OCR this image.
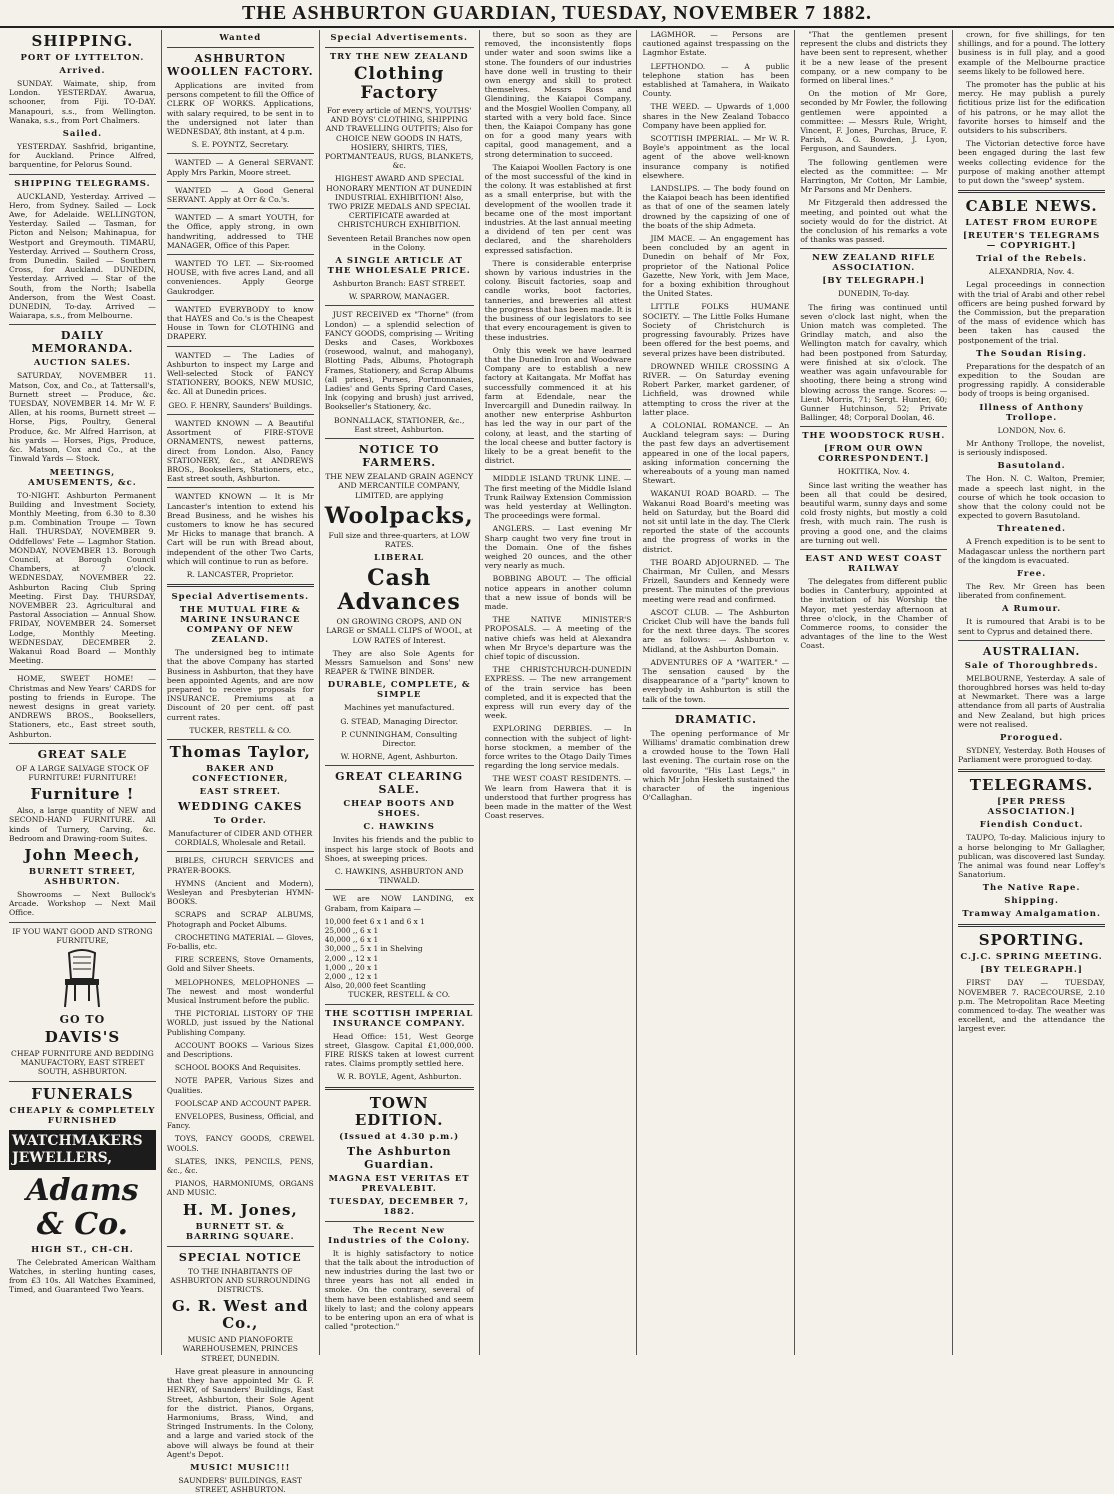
THE ASHBURTON GUARDIAN, TUESDAY, NOVEMBER 7 1882.
SHIPPING.
PORT OF LYTTELTON.
Arrived.

SUNDAY. Waimate, ship, from London. YESTERDAY. Awarua, schooner, from Fiji. TO-DAY. Manapouri, s.s., from Wellington. Wanaka, s.s., from Port Chalmers.

Sailed.

YESTERDAY. Sashfrid, brigantine, for Auckland. Prince Alfred, barquentine, for Pelorus Sound.

SHIPPING TELEGRAMS.

AUCKLAND, Yesterday. Arrived — Hero, from Sydney. Sailed — Lock Awe, for Adelaide. WELLINGTON, Yesterday. Sailed — Tasman, for Picton and Nelson; Mahinapua, for Westport and Greymouth. TIMARU, Yesterday. Arrived — Southern Cross, from Dunedin. Sailed — Southern Cross, for Auckland. DUNEDIN, Yesterday. Arrived — Star of the South, from the North; Isabella Anderson, from the West Coast. DUNEDIN, To-day. Arrived — Waiarapa, s.s., from Melbourne.

DAILY MEMORANDA.
AUCTION SALES.

SATURDAY, NOVEMBER 11. Matson, Cox, and Co., at Tattersall's, Burnett street — Produce, &c. TUESDAY, NOVEMBER 14. Mr W. F. Allen, at his rooms, Burnett street — Horse, Pigs, Poultry, General Produce, &c. Mr Alfred Harrison, at his yards — Horses, Pigs, Produce, &c. Matson, Cox and Co., at the Tinwald Yards — Stock.

MEETINGS, AMUSEMENTS, &c.

TO-NIGHT. Ashburton Permanent Building and Investment Society, Monthly Meeting, from 6.30 to 8.30 p.m. Combination Troupe — Town Hall. THURSDAY, NOVEMBER 9. Oddfellows' Fete — Lagmhor Station. MONDAY, NOVEMBER 13. Borough Council, at Borough Council Chambers, at 7 o'clock. WEDNESDAY, NOVEMBER 22. Ashburton Racing Club Spring Meeting. First Day. THURSDAY, NOVEMBER 23. Agricultural and Pastoral Association — Annual Show. FRIDAY, NOVEMBER 24. Somerset Lodge, Monthly Meeting. WEDNESDAY, DECEMBER 2. Wakanui Road Board — Monthly Meeting.

HOME, SWEET HOME! — Christmas and New Years' CARDS for posting to friends in Europe. The newest designs in great variety. ANDREWS BROS., Booksellers, Stationers, etc., East street south, Ashburton.

GREAT SALE

OF A LARGE SALVAGE STOCK OF FURNITURE! FURNITURE!

Furniture !

Also, a large quantity of NEW and SECOND-HAND FURNITURE. All kinds of Turnery, Carving, &c. Bedroom and Drawing-room Suites.

John Meech,
BURNETT STREET, ASHBURTON.

Showrooms — Next Bullock's Arcade. Workshop — Next Mail Office.

IF YOU WANT GOOD AND STRONG FURNITURE,

GO TO
DAVIS'S

CHEAP FURNITURE AND BEDDING MANUFACTORY, EAST STREET SOUTH, ASHBURTON.

FUNERALS
CHEAPLY & COMPLETELY FURNISHED
WATCHMAKERS
JEWELLERS,
Adams & Co.
HIGH ST., CH-CH.

The Celebrated American Waltham Watches, in sterling hunting cases, from £3 10s. All Watches Examined, Timed, and Guaranteed Two Years.

Wanted
ASHBURTON WOOLLEN FACTORY.

Applications are invited from persons competent to fill the Office of CLERK OF WORKS. Applications, with salary required, to be sent in to the undersigned not later than WEDNESDAY, 8th instant, at 4 p.m.

S. E. POYNTZ, Secretary.

WANTED — A General SERVANT. Apply Mrs Parkin, Moore street.

WANTED — A Good General SERVANT. Apply at Orr & Co.'s.

WANTED — A smart YOUTH, for the Office, apply strong, in own handwriting, addressed to THE MANAGER, Office of this Paper.

WANTED TO LET. — Six-roomed HOUSE, with five acres Land, and all conveniences. Apply George Gaukrodger.

WANTED EVERYBODY to know that HAYES and Co.'s is the Cheapest House in Town for CLOTHING and DRAPERY.

WANTED — The Ladies of Ashburton to inspect my Large and Well-selected Stock of FANCY STATIONERY, BOOKS, NEW MUSIC, &c. All at Dunedin prices.

GEO. F. HENRY, Saunders' Buildings.

WANTED KNOWN — A Beautiful Assortment of FIRE-STOVE ORNAMENTS, newest patterns, direct from London. Also, Fancy STATIONERY, &c., at ANDREWS BROS., Booksellers, Stationers, etc., East street south, Ashburton.

WANTED KNOWN — It is Mr Lancaster's intention to extend his Bread Business, and he wishes his customers to know he has secured Mr Hicks to manage that branch. A Cart will be run with Bread about, independent of the other Two Carts, which will continue to run as before.

R. LANCASTER, Proprietor.

Special Advertisements.
THE MUTUAL FIRE & MARINE INSURANCE COMPANY OF NEW ZEALAND.

The undersigned beg to intimate that the above Company has started Business in Ashburton, that they have been appointed Agents, and are now prepared to receive proposals for INSURANCE. Premiums at a Discount of 20 per cent. off past current rates.

TUCKER, RESTELL & CO.

Thomas Taylor,
BAKER AND CONFECTIONER,
EAST STREET.
WEDDING CAKES
To Order.

Manufacturer of CIDER AND OTHER CORDIALS, Wholesale and Retail.

BIBLES, CHURCH SERVICES and PRAYER-BOOKS.

HYMNS (Ancient and Modern), Wesleyan and Presbyterian HYMN-BOOKS.

SCRAPS and SCRAP ALBUMS, Photograph and Pocket Albums.

CROCHETING MATERIAL — Gloves, Fo-ballis, etc.

FIRE SCREENS, Stove Ornaments, Gold and Silver Sheets.

MELOPHONES, MELOPHONES — The newest and most wonderful Musical Instrument before the public.

THE PICTORIAL LISTORY OF THE WORLD, just issued by the National Publishing Company.

ACCOUNT BOOKS — Various Sizes and Descriptions.

SCHOOL BOOKS And Requisites.

NOTE PAPER, Various Sizes and Qualities.

FOOLSCAP AND ACCOUNT PAPER.

ENVELOPES, Business, Official, and Fancy.

TOYS, FANCY GOODS, CREWEL WOOLS.

SLATES, INKS, PENCILS, PENS, &c., &c.

PIANOS, HARMONIUMS, ORGANS AND MUSIC.

H. M. Jones,
BURNETT ST. & BARRING SQUARE.
SPECIAL NOTICE

TO THE INHABITANTS OF ASHBURTON AND SURROUNDING DISTRICTS.

G. R. West and Co.,

MUSIC AND PIANOFORTE WAREHOUSEMEN, PRINCES STREET, DUNEDIN.

Have great pleasure in announcing that they have appointed Mr G. F. HENRY, of Saunders' Buildings, East Street, Ashburton, their Sole Agent for the district. Pianos, Organs, Harmoniums, Brass, Wind, and Stringed Instruments. In the Colony, and a large and varied stock of the above will always be found at their Agent's Depot.

MUSIC! MUSIC!!!

SAUNDERS' BUILDINGS, EAST STREET, ASHBURTON.

Special Advertisements.
TRY THE NEW ZEALAND
Clothing Factory

For every article of MEN'S, YOUTHS' AND BOYS' CLOTHING, SHIPPING AND TRAVELLING OUTFITS; Also for CHOICE NEW GOODS IN HATS, HOSIERY, SHIRTS, TIES, PORTMANTEAUS, RUGS, BLANKETS, &c.

HIGHEST AWARD AND SPECIAL HONORARY MENTION AT DUNEDIN INDUSTRIAL EXHIBITION! Also, TWO PRIZE MEDALS AND SPECIAL CERTIFICATE awarded at CHRISTCHURCH EXHIBITION.

Seventeen Retail Branches now open in the Colony.

A SINGLE ARTICLE AT THE WHOLESALE PRICE.

Ashburton Branch: EAST STREET.

W. SPARROW, MANAGER.

JUST RECEIVED ex "Thorne" (from London) — a splendid selection of FANCY GOODS, comprising — Writing Desks and Cases, Workboxes (rosewood, walnut, and mahogany), Blotting Pads, Albums, Photograph Frames, Stationery, and Scrap Albums (all prices), Purses, Portmonnaies, Ladies' and Gents Spring Card Cases, Ink (copying and brush) just arrived, Bookseller's Stationery, &c.

BONNALLACK, STATIONER, &c., East street, Ashburton.

NOTICE TO FARMERS.

THE NEW ZEALAND GRAIN AGENCY AND MERCANTILE COMPANY, LIMITED, are applying

Woolpacks,

Full size and three-quarters, at LOW RATES.

LIBERAL
Cash Advances

ON GROWING CROPS, AND ON LARGE or SMALL CLIPS of WOOL, at LOW RATES of Interest.

They are also Sole Agents for Messrs Samuelson and Sons' new REAPER & TWINE BINDER.

DURABLE, COMPLETE, & SIMPLE

Machines yet manufactured.

G. STEAD, Managing Director.

P. CUNNINGHAM, Consulting Director.

W. HORNE, Agent, Ashburton.

GREAT CLEARING SALE.
CHEAP BOOTS AND SHOES.
C. HAWKINS

Invites his friends and the public to inspect his large stock of Boots and Shoes, at sweeping prices.

C. HAWKINS, ASHBURTON AND TINWALD.

WE are NOW LANDING, ex Grabam, from Kaipara —

10,000 feet 6 x 1 and 6 x 1
25,000 ,, 6 x 1
40,000 ,, 6 x 1
30,000 ,, 5 x 1 in Shelving
2,000 ,, 12 x 1
1,000 ,, 20 x 1
2,000 ,, 12 x 1
Also, 20,000 feet Scantling

TUCKER, RESTELL & CO.

THE SCOTTISH IMPERIAL INSURANCE COMPANY.

Head Office: 151, West George street, Glasgow. Capital £1,000,000. FIRE RISKS taken at lowest current rates. Claims promptly settled here.

W. R. BOYLE, Agent, Ashburton.

TOWN EDITION.
(Issued at 4.30 p.m.)
The Ashburton Guardian.
MAGNA EST VERITAS ET PREVALEBIT.
TUESDAY, DECEMBER 7, 1882.
The Recent New Industries of the Colony.

It is highly satisfactory to notice that the talk about the introduction of new industries during the last two or three years has not all ended in smoke. On the contrary, several of them have been established and seem likely to last; and the colony appears to be entering upon an era of what is called "protection."

there, but so soon as they are removed, the inconsistently flops under water and soon swims like a stone. The founders of our industries have done well in trusting to their own energy and skill to protect themselves. Messrs Ross and Glendining, the Kaiapoi Company, and the Mosgiel Woollen Company, all started with a very bold face. Since then, the Kaiapoi Company has gone on for a good many years with capital, good management, and a strong determination to succeed.

The Kaiapoi Woollen Factory is one of the most successful of the kind in the colony. It was established at first as a small enterprise, but with the development of the woollen trade it became one of the most important industries. At the last annual meeting a dividend of ten per cent was declared, and the shareholders expressed satisfaction.

There is considerable enterprise shown by various industries in the colony. Biscuit factories, soap and candle works, boot factories, tanneries, and breweries all attest the progress that has been made. It is the business of our legislators to see that every encouragement is given to these industries.

Only this week we have learned that the Dunedin Iron and Woodware Company are to establish a new factory at Kaitangata. Mr Moffat has successfully commenced it at his farm at Edendale, near the Invercargill and Dunedin railway. In another new enterprise Ashburton has led the way in our part of the colony, at least, and the starting of the local cheese and butter factory is likely to be a great benefit to the district.

MIDDLE ISLAND TRUNK LINE. — The first meeting of the Middle Island Trunk Railway Extension Commission was held yesterday at Wellington. The proceedings were formal.

ANGLERS. — Last evening Mr Sharp caught two very fine trout in the Domain. One of the fishes weighed 20 ounces, and the other very nearly as much.

BOBBING ABOUT. — The official notice appears in another column that a new issue of bonds will be made.

THE NATIVE MINISTER'S PROPOSALS. — A meeting of the native chiefs was held at Alexandra when Mr Bryce's departure was the chief topic of discussion.

THE CHRISTCHURCH-DUNEDIN EXPRESS. — The new arrangement of the train service has been completed, and it is expected that the express will run every day of the week.

EXPLORING DERBIES. — In connection with the subject of light-horse stockmen, a member of the force writes to the Otago Daily Times regarding the long service medals.

THE WEST COAST RESIDENTS. — We learn from Hawera that it is understood that further progress has been made in the matter of the West Coast reserves.

LAGMHOR. — Persons are cautioned against trespassing on the Lagmhor Estate.

LEFTHONDO. — A public telephone station has been established at Tamahera, in Waikato County.

THE WEED. — Upwards of 1,000 shares in the New Zealand Tobacco Company have been applied for.

SCOTTISH IMPERIAL. — Mr W. R. Boyle's appointment as the local agent of the above well-known insurance company is notified elsewhere.

LANDSLIPS. — The body found on the Kaiapoi beach has been identified as that of one of the seamen lately drowned by the capsizing of one of the boats of the ship Admeta.

JIM MACE. — An engagement has been concluded by an agent in Dunedin on behalf of Mr Fox, proprietor of the National Police Gazette, New York, with Jem Mace, for a boxing exhibition throughout the United States.

LITTLE FOLKS HUMANE SOCIETY. — The Little Folks Humane Society of Christchurch is progressing favourably. Prizes have been offered for the best poems, and several prizes have been distributed.

DROWNED WHILE CROSSING A RIVER. — On Saturday evening Robert Parker, market gardener, of Lichfield, was drowned while attempting to cross the river at the latter place.

A COLONIAL ROMANCE. — An Auckland telegram says: — During the past few days an advertisement appeared in one of the local papers, asking information concerning the whereabouts of a young man named Stewart.

WAKANUI ROAD BOARD. — The Wakanui Road Board's meeting was held on Saturday, but the Board did not sit until late in the day. The Clerk reported the state of the accounts and the progress of works in the district.

THE BOARD ADJOURNED. — The Chairman, Mr Cullen, and Messrs Frizell, Saunders and Kennedy were present. The minutes of the previous meeting were read and confirmed.

ASCOT CLUB. — The Ashburton Cricket Club will have the bands full for the next three days. The scores are as follows: — Ashburton v. Midland, at the Ashburton Domain.

ADVENTURES OF A "WAITER." — The sensation caused by the disappearance of a "party" known to everybody in Ashburton is still the talk of the town.

DRAMATIC.

The opening performance of Mr Williams' dramatic combination drew a crowded house to the Town Hall last evening. The curtain rose on the old favourite, "His Last Legs," in which Mr John Hesketh sustained the character of the ingenious O'Callaghan.

"That the gentlemen present represent the clubs and districts they have been sent to represent, whether it be a new lease of the present company, or a new company to be formed on liberal lines."

On the motion of Mr Gore, seconded by Mr Fowler, the following gentlemen were appointed a committee: — Messrs Rule, Wright, Vincent, F. Jones, Purchas, Bruce, F. Parish, A. G. Bowden, J. Lyon, Ferguson, and Saunders.

The following gentlemen were elected as the committee: — Mr Harrington, Mr Cotton, Mr Lambie, Mr Parsons and Mr Denhers.

Mr Fitzgerald then addressed the meeting, and pointed out what the society would do for the district. At the conclusion of his remarks a vote of thanks was passed.

NEW ZEALAND RIFLE ASSOCIATION.
[BY TELEGRAPH.]

DUNEDIN, To-day.

The firing was continued until seven o'clock last night, when the Union match was completed. The Grindlay match, and also the Wellington match for cavalry, which had been postponed from Saturday, were finished at six o'clock. The weather was again unfavourable for shooting, there being a strong wind blowing across the range. Scores: — Lieut. Morris, 71; Sergt. Hunter, 60; Gunner Hutchinson, 52; Private Ballinger, 48; Corporal Doolan, 46.

THE WOODSTOCK RUSH.
[FROM OUR OWN CORRESPONDENT.]

HOKITIKA, Nov. 4.

Since last writing the weather has been all that could be desired, beautiful warm, sunny days and some cold frosty nights, but mostly a cold fresh, with much rain. The rush is proving a good one, and the claims are turning out well.

EAST AND WEST COAST RAILWAY

The delegates from different public bodies in Canterbury, appointed at the invitation of his Worship the Mayor, met yesterday afternoon at three o'clock, in the Chamber of Commerce rooms, to consider the advantages of the line to the West Coast.

crown, for five shillings, for ten shillings, and for a pound. The lottery business is in full play, and a good example of the Melbourne practice seems likely to be followed here.

The promoter has the public at his mercy. He may publish a purely fictitious prize list for the edification of his patrons, or he may allot the favorite horses to himself and the outsiders to his subscribers.

The Victorian detective force have been engaged during the last few weeks collecting evidence for the purpose of making another attempt to put down the "sweep" system.

CABLE NEWS.
LATEST FROM EUROPE
[REUTER'S TELEGRAMS — COPYRIGHT.]
Trial of the Rebels.

ALEXANDRIA, Nov. 4.

Legal proceedings in connection with the trial of Arabi and other rebel officers are being pushed forward by the Commission, but the preparation of the mass of evidence which has been taken has caused the postponement of the trial.

The Soudan Rising.

Preparations for the despatch of an expedition to the Soudan are progressing rapidly. A considerable body of troops is being organised.

Illness of Anthony Trollope.

LONDON, Nov. 6.

Mr Anthony Trollope, the novelist, is seriously indisposed.

Basutoland.

The Hon. N. C. Walton, Premier, made a speech last night, in the course of which he took occasion to show that the colony could not be expected to govern Basutoland.

Threatened.

A French expedition is to be sent to Madagascar unless the northern part of the kingdom is evacuated.

Free.

The Rev. Mr Green has been liberated from confinement.

A Rumour.

It is rumoured that Arabi is to be sent to Cyprus and detained there.

AUSTRALIAN.
Sale of Thoroughbreds.

MELBOURNE, Yesterday. A sale of thoroughbred horses was held to-day at Newmarket. There was a large attendance from all parts of Australia and New Zealand, but high prices were not realised.

Prorogued.

SYDNEY, Yesterday. Both Houses of Parliament were prorogued to-day.

TELEGRAMS.
[PER PRESS ASSOCIATION.]
Fiendish Conduct.

TAUPO, To-day. Malicious injury to a horse belonging to Mr Gallagher, publican, was discovered last Sunday. The animal was found near Loffey's Sanatorium.

The Native Rape.
Shipping.
Tramway Amalgamation.
SPORTING.
C.J.C. SPRING MEETING.
[BY TELEGRAPH.]

FIRST DAY — TUESDAY, NOVEMBER 7. RACECOURSE, 2.10 p.m. The Metropolitan Race Meeting commenced to-day. The weather was excellent, and the attendance the largest ever.
